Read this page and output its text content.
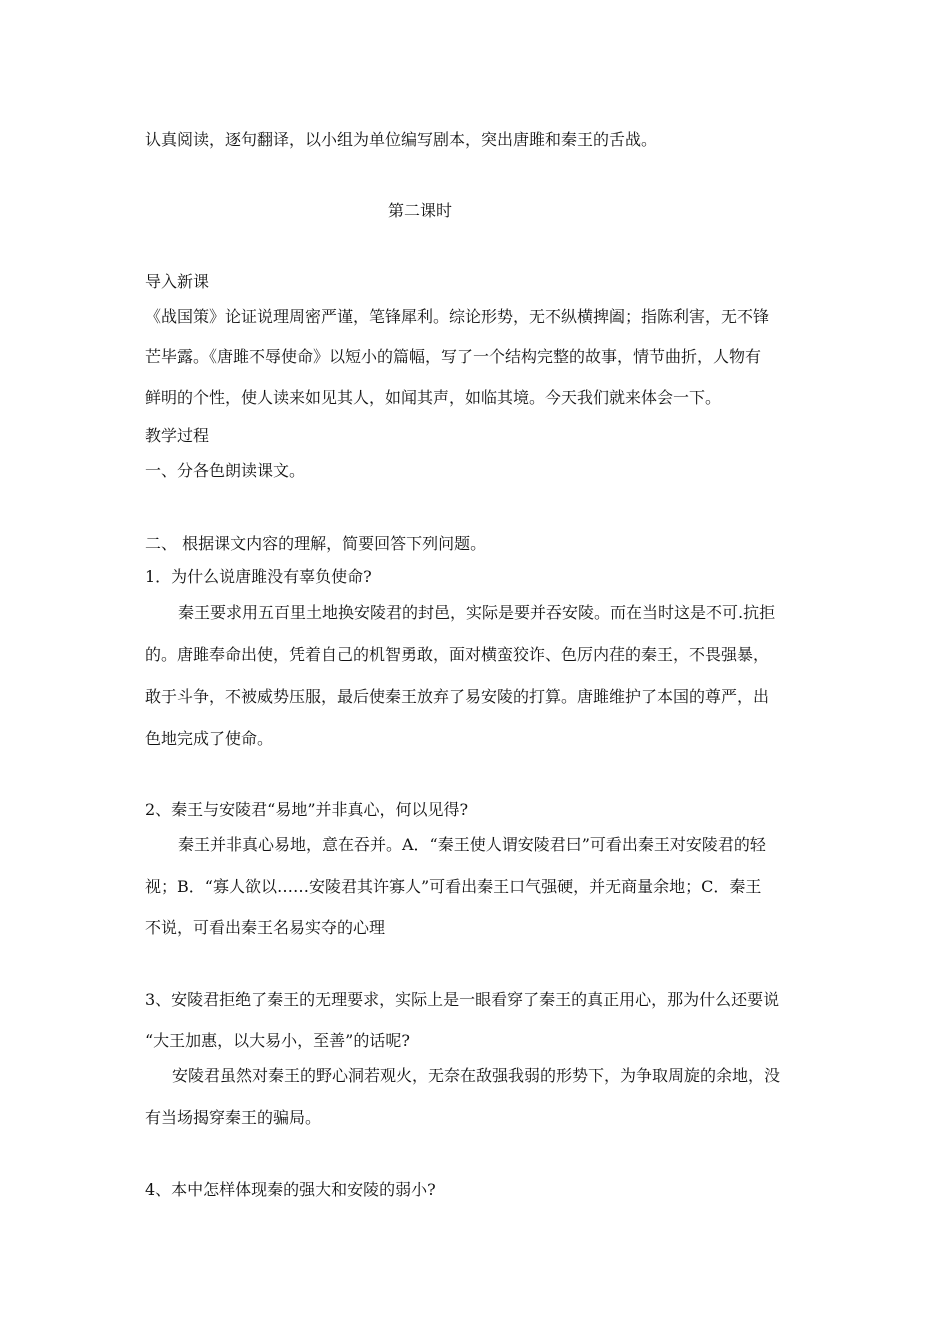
认真阅读，逐句翻译，以小组为单位编写剧本，突出唐雎和秦王的舌战。
第二课时
导入新课
《战国策》论证说理周密严谨，笔锋犀利。综论形势，无不纵横捭阖；指陈利害，无不锋
芒毕露。《唐雎不辱使命》以短小的篇幅，写了一个结构完整的故事，情节曲折，人物有
鲜明的个性，使人读来如见其人，如闻其声，如临其境。今天我们就来体会一下。
教学过程
一、分各色朗读课文。
二、 根据课文内容的理解，简要回答下列问题。
1．为什么说唐雎没有辜负使命?
秦王要求用五百里土地换安陵君的封邑，实际是要并吞安陵。而在当时这是不可.抗拒
的。唐雎奉命出使，凭着自己的机智勇敢，面对横蛮狡诈、色厉内荏的秦王，不畏强暴，
敢于斗争，不被威势压服，最后使秦王放弃了易安陵的打算。唐雎维护了本国的尊严，出
色地完成了使命。
2、秦王与安陵君“易地”并非真心，何以见得?
秦王并非真心易地，意在吞并。A．“秦王使人谓安陵君曰”可看出秦王对安陵君的轻
视；B．“寡人欲以……安陵君其许寡人”可看出秦王口气强硬，并无商量余地；C．秦王
不说，可看出秦王名易实夺的心理
3、安陵君拒绝了秦王的无理要求，实际上是一眼看穿了秦王的真正用心，那为什么还要说
“大王加惠，以大易小，至善”的话呢?
安陵君虽然对秦王的野心洞若观火，无奈在敌强我弱的形势下，为争取周旋的余地，没
有当场揭穿秦王的骗局。
4、本中怎样体现秦的强大和安陵的弱小?
